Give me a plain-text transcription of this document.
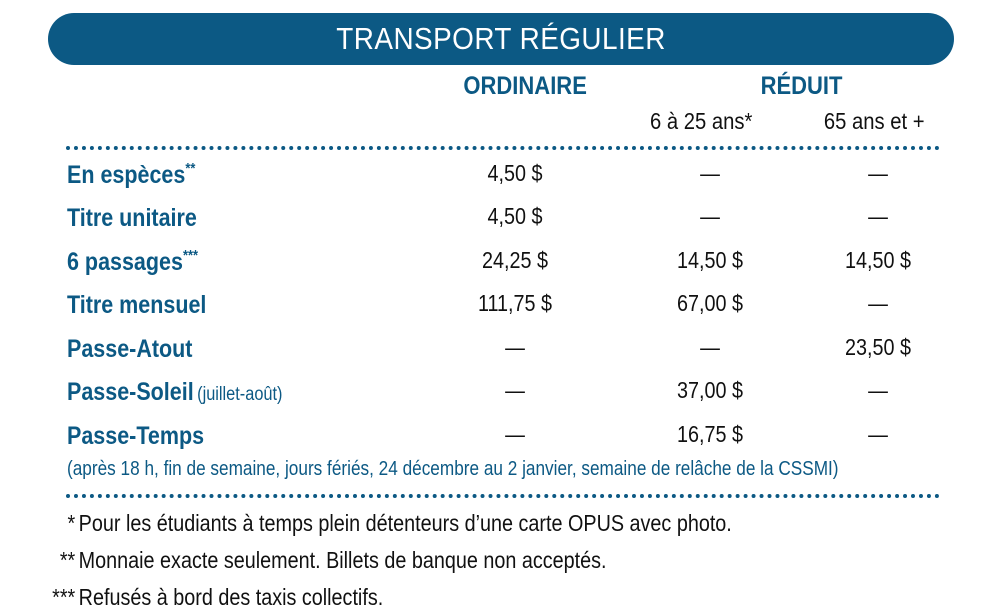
TRANSPORT RÉGULIER
ORDINAIRE	RÉDUIT
6 à 25 ans*	65 ans et +
En espèces**	4,50 $	—	—
Titre unitaire	4,50 $	—	—
6 passages***	24,25 $	14,50 $	14,50 $
Titre mensuel	111,75 $	67,00 $	—
Passe-Atout	—	—	23,50 $
Passe-Soleil (juillet-août)	—	37,00 $	—
Passe-Temps	—	16,75 $	—
(après 18 h, fin de semaine, jours fériés, 24 décembre au 2 janvier, semaine de relâche de la CSSMI)
* Pour les étudiants à temps plein détenteurs d’une carte OPUS avec photo.
** Monnaie exacte seulement. Billets de banque non acceptés.
*** Refusés à bord des taxis collectifs.
